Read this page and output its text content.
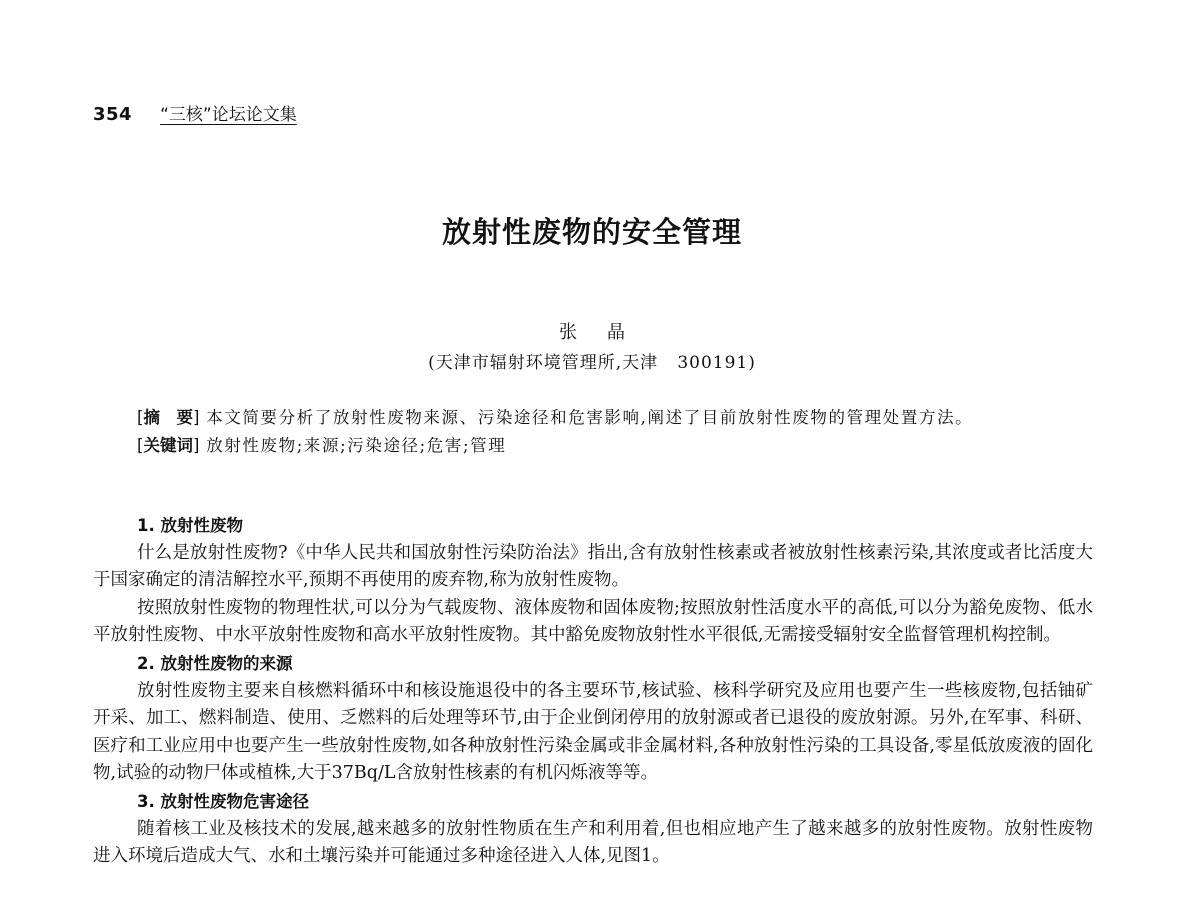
354 “三核”论坛论文集
放射性废物的安全管理
张晶
(天津市辐射环境管理所,天津   300191)

[摘　要] 本文简要分析了放射性废物来源、污染途径和危害影响,阐述了目前放射性废物的管理处置方法。

[关键词] 放射性废物;来源;污染途径;危害;管理

1. 放射性废物

什么是放射性废物?《中华人民共和国放射性污染防治法》指出,含有放射性核素或者被放射性核素污染,其浓度或者比活度大于国家确定的清洁解控水平,预期不再使用的废弃物,称为放射性废物。

按照放射性废物的物理性状,可以分为气载废物、液体废物和固体废物;按照放射性活度水平的高低,可以分为豁免废物、低水平放射性废物、中水平放射性废物和高水平放射性废物。其中豁免废物放射性水平很低,无需接受辐射安全监督管理机构控制。

2. 放射性废物的来源

放射性废物主要来自核燃料循环中和核设施退役中的各主要环节,核试验、核科学研究及应用也要产生一些核废物,包括铀矿开采、加工、燃料制造、使用、乏燃料的后处理等环节,由于企业倒闭停用的放射源或者已退役的废放射源。另外,在军事、科研、医疗和工业应用中也要产生一些放射性废物,如各种放射性污染金属或非金属材料,各种放射性污染的工具设备,零星低放废液的固化物,试验的动物尸体或植株,大于37Bq/L含放射性核素的有机闪烁液等等。

3. 放射性废物危害途径

随着核工业及核技术的发展,越来越多的放射性物质在生产和利用着,但也相应地产生了越来越多的放射性废物。放射性废物进入环境后造成大气、水和土壤污染并可能通过多种途径进入人体,见图1。
